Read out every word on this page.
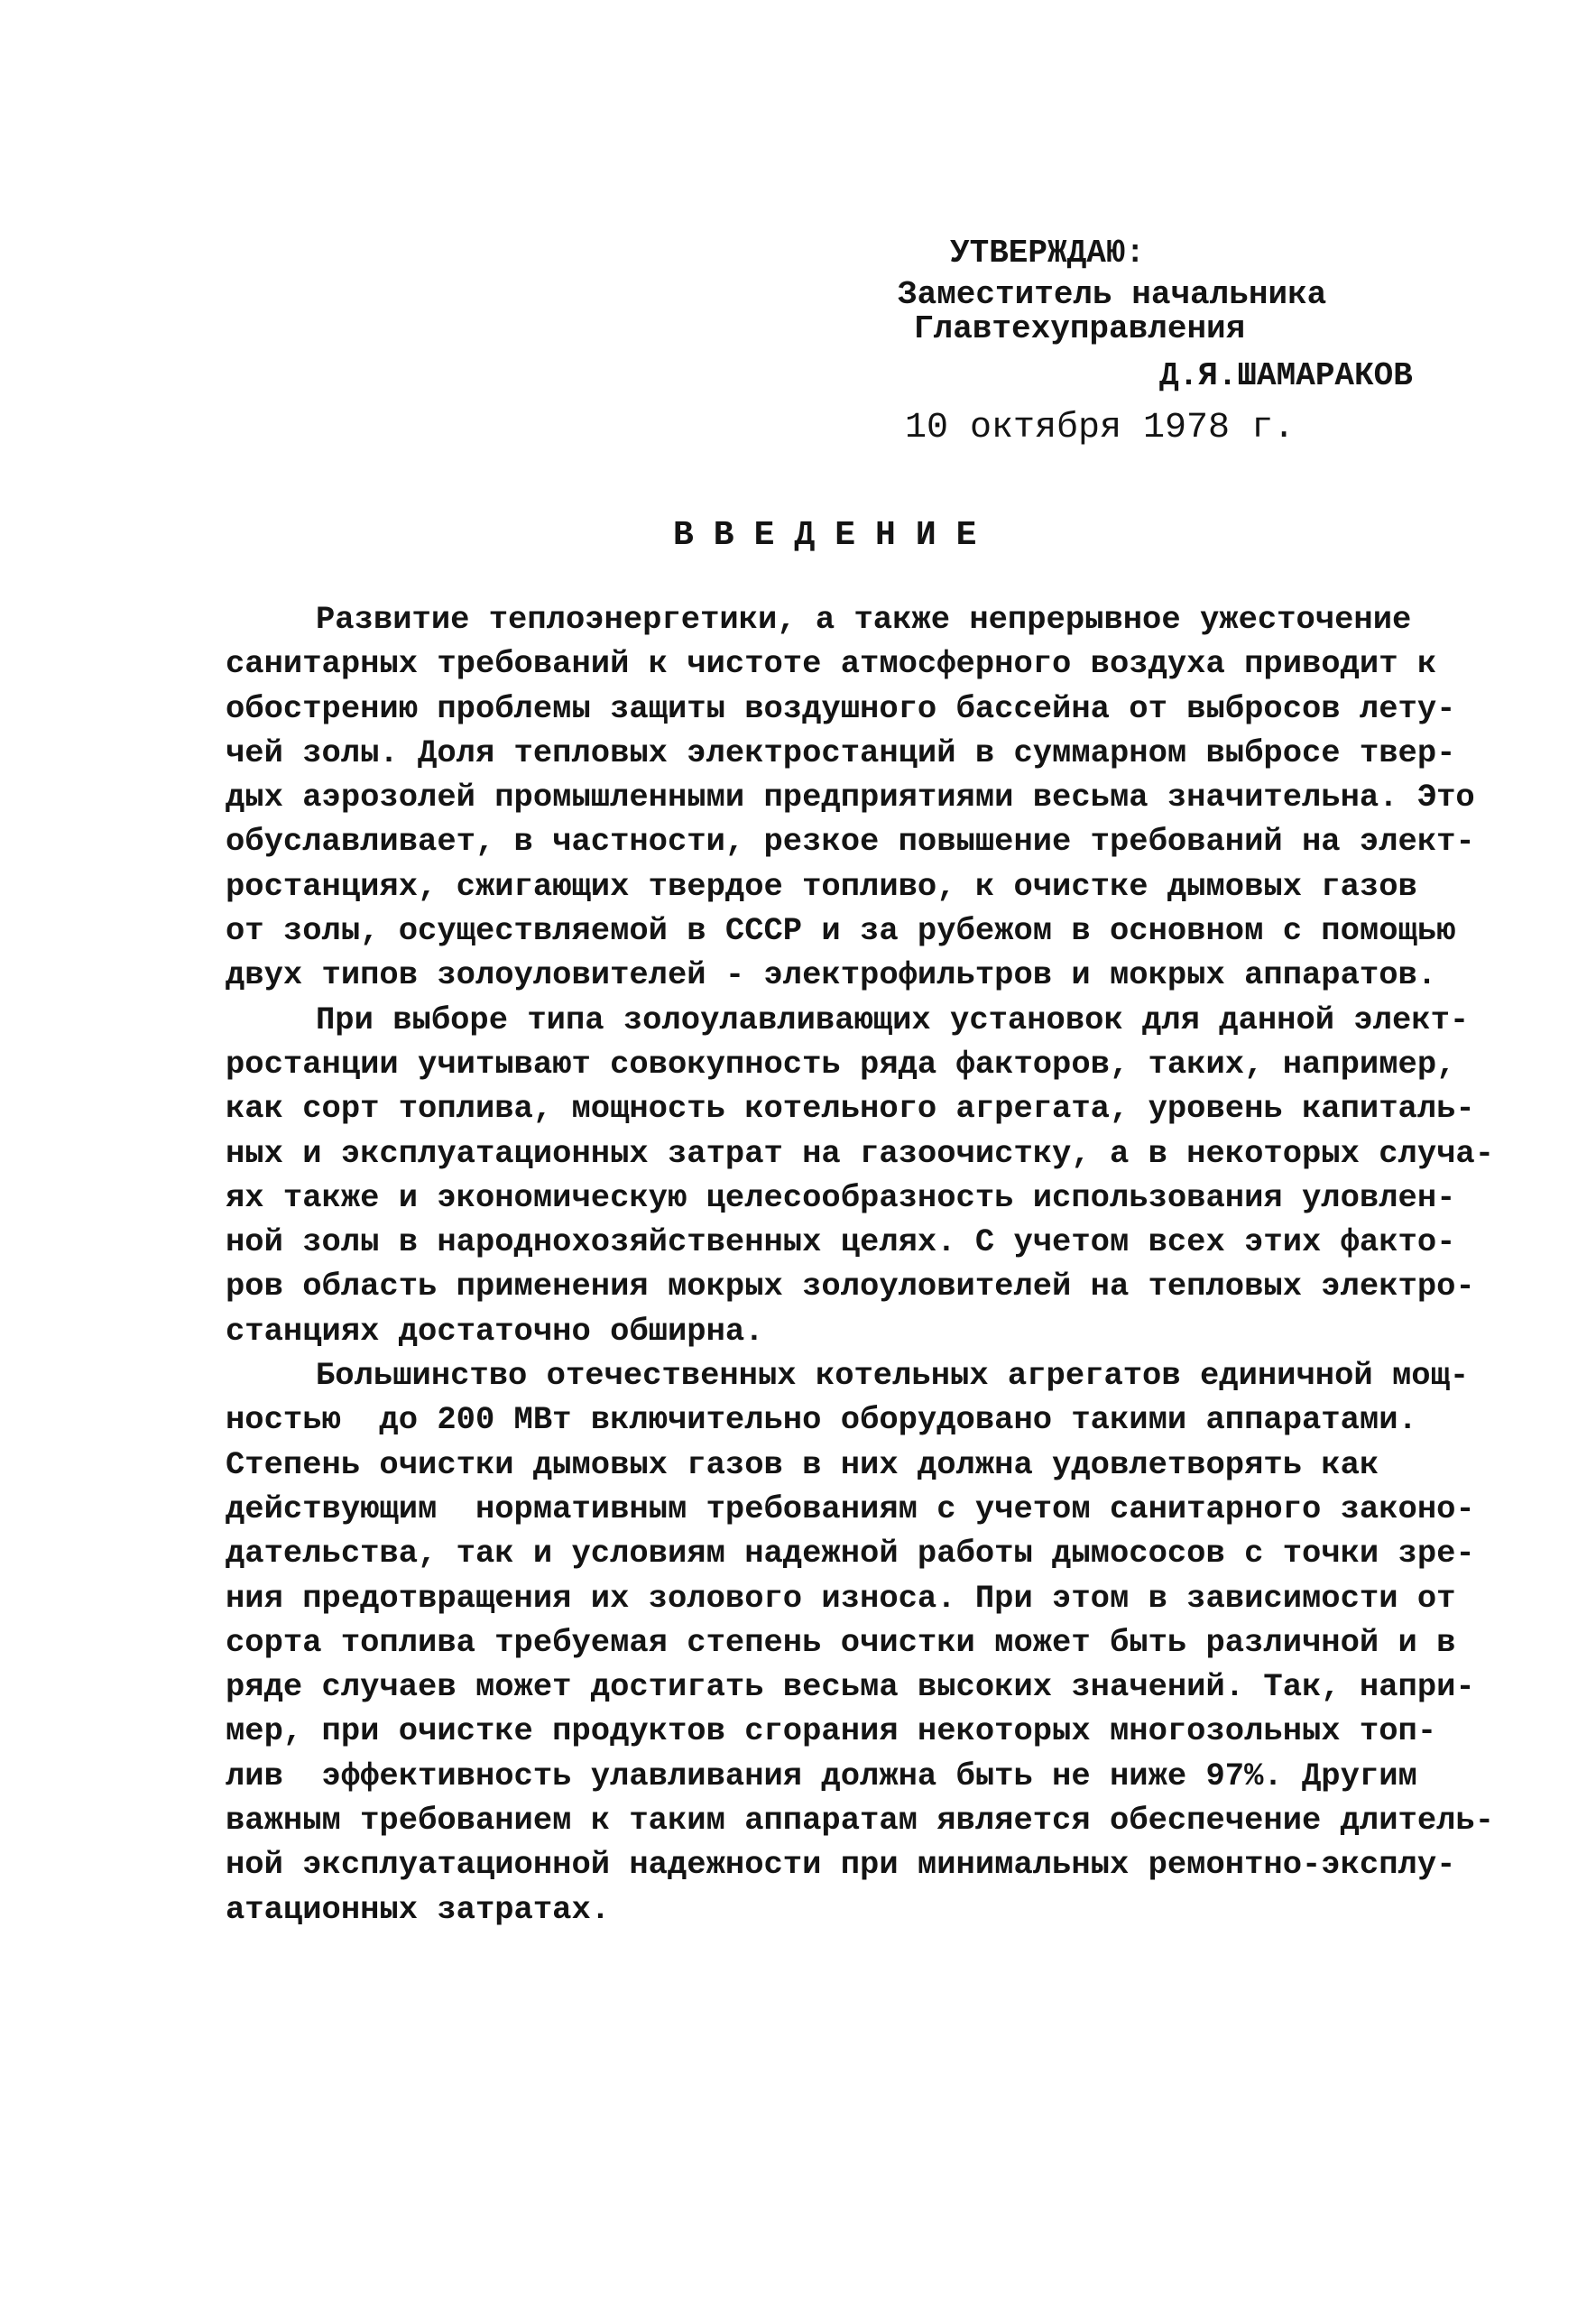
УТВЕРЖДАЮ:
Заместитель начальника
Главтехуправления
Д.Я.ШАМАРАКОВ
10 октября 1978 г.
ВВЕДЕНИЕ
Развитие теплоэнергетики, а также непрерывное ужесточение
санитарных требований к чистоте атмосферного воздуха приводит к
обострению проблемы защиты воздушного бассейна от выбросов лету-
чей золы. Доля тепловых электростанций в суммарном выбросе твер-
дых аэрозолей промышленными предприятиями весьма значительна. Это
обуславливает, в частности, резкое повышение требований на элект-
ростанциях, сжигающих твердое топливо, к очистке дымовых газов
от золы, осуществляемой в СССР и за рубежом в основном с помощью
двух типов золоуловителей - электрофильтров и мокрых аппаратов.
При выборе типа золоулавливающих установок для данной элект-
ростанции учитывают совокупность ряда факторов, таких, например,
как сорт топлива, мощность котельного агрегата, уровень капиталь-
ных и эксплуатационных затрат на газоочистку, а в некоторых случа-
ях также и экономическую целесообразность использования уловлен-
ной золы в народнохозяйственных целях. С учетом всех этих факто-
ров область применения мокрых золоуловителей на тепловых электро-
станциях достаточно обширна.
Большинство отечественных котельных агрегатов единичной мощ-
ностью  до 200 МВт включительно оборудовано такими аппаратами.
Степень очистки дымовых газов в них должна удовлетворять как
действующим  нормативным требованиям с учетом санитарного законо-
дательства, так и условиям надежной работы дымососов с точки зре-
ния предотвращения их золового износа. При этом в зависимости от
сорта топлива требуемая степень очистки может быть различной и в
ряде случаев может достигать весьма высоких значений. Так, напри-
мер, при очистке продуктов сгорания некоторых многозольных топ-
лив  эффективность улавливания должна быть не ниже 97%. Другим
важным требованием к таким аппаратам является обеспечение длитель-
ной эксплуатационной надежности при минимальных ремонтно-эксплу-
атационных затратах.
